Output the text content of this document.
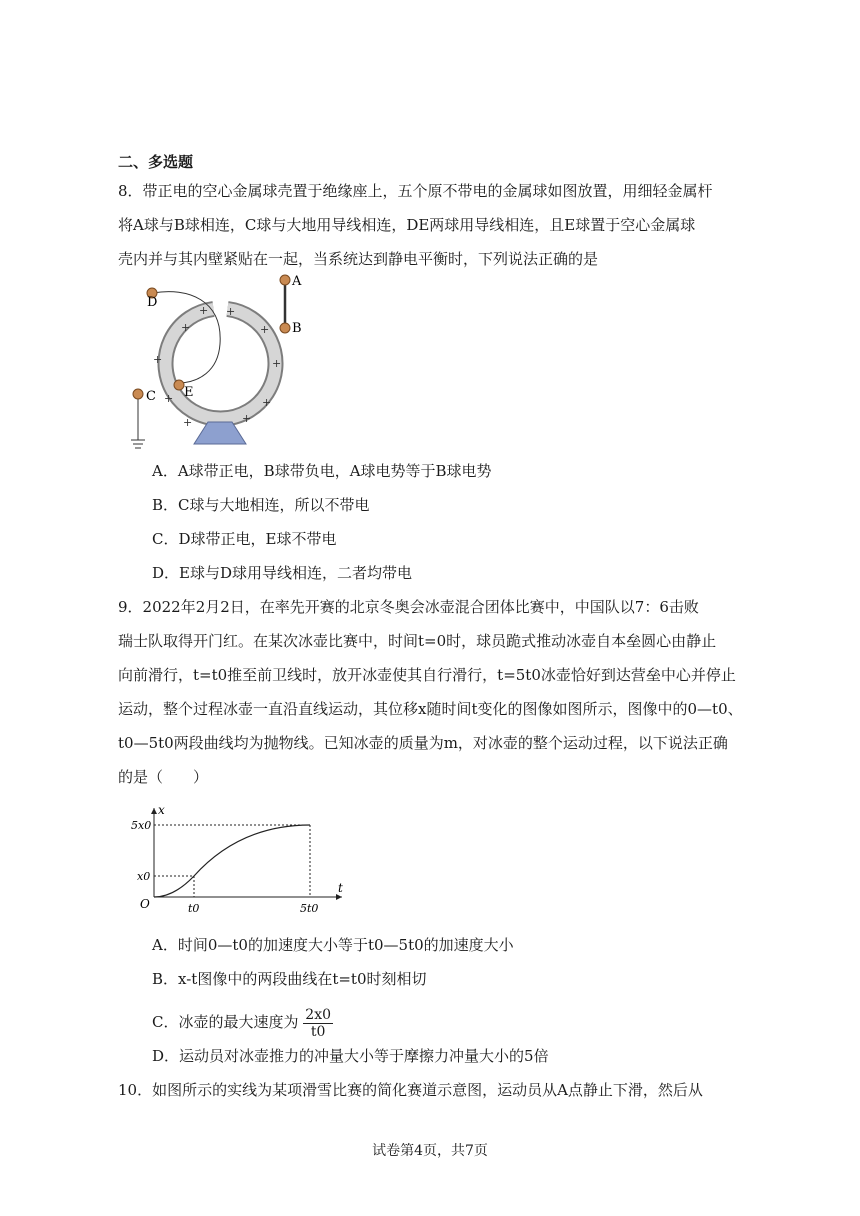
二、多选题
8．带正电的空心金属球壳置于绝缘座上，五个原不带电的金属球如图放置，用细轻金属杆
将A球与B球相连，C球与大地用导线相连，DE两球用导线相连，且E球置于空心金属球
壳内并与其内壁紧贴在一起，当系统达到静电平衡时，下列说法正确的是
D
A
B
C E
+ +
+	+
+	+
+	+
+	+
A．A球带正电，B球带负电，A球电势等于B球电势
B．C球与大地相连，所以不带电
C．D球带正电，E球不带电
D．E球与D球用导线相连，二者均带电
9．2022年2月2日，在率先开赛的北京冬奥会冰壶混合团体比赛中，中国队以7：6击败
瑞士队取得开门红。在某次冰壶比赛中，时间t=0时，球员跪式推动冰壶自本垒圆心由静止
向前滑行，t=t0推至前卫线时，放开冰壶使其自行滑行，t=5t0冰壶恰好到达营垒中心并停止
运动，整个过程冰壶一直沿直线运动，其位移x随时间t变化的图像如图所示，图像中的0—t0、
t0—5t0两段曲线均为抛物线。已知冰壶的质量为m，对冰壶的整个运动过程，以下说法正确
的是（　　）
x
t
O
x0
5x0
t0	5t0
A．时间0—t0的加速度大小等于t0—5t0的加速度大小
B．x-t图像中的两段曲线在t=t0时刻相切
C．冰壶的最大速度为 $\frac{2x0}{t0}$
D．运动员对冰壶推力的冲量大小等于摩擦力冲量大小的5倍
10．如图所示的实线为某项滑雪比赛的简化赛道示意图，运动员从A点静止下滑，然后从
试卷第4页，共7页
